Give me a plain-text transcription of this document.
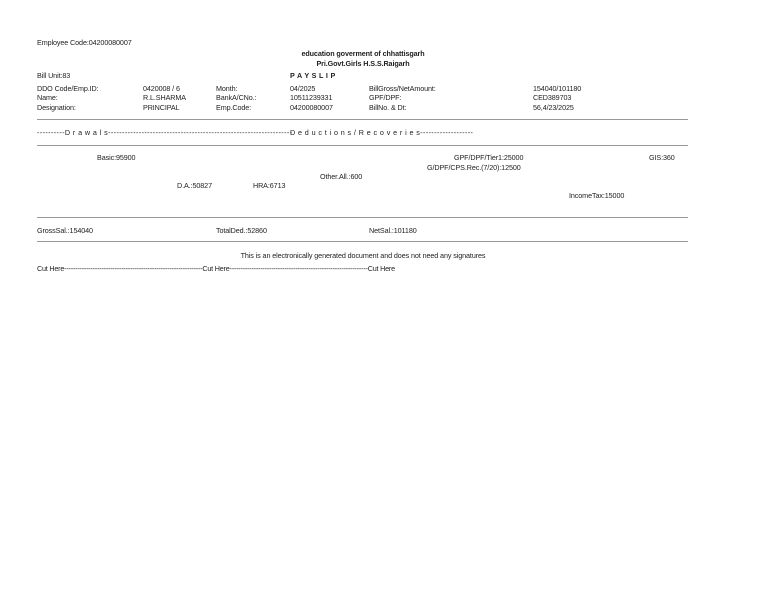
Employee Code:04200080007
education goverment of chhattisgarh
Pri.Govt.Girls H.S.S.Raigarh
P A Y S L I P
Bill Unit:83
DDO Code/Emp.ID:	0420008 / 6	Month:	04/2025	BillGross/NetAmount:	154040/101180
Name:	R.L.SHARMA	BankA/CNo.:	10511239331	GPF/DPF:	CED389703
Designation:	PRINCIPAL	Emp.Code:	04200080007	BillNo. & Dt:	56,4/23/2025
----------D r a w a l s------------------------------------------------------------------
D e d u c t i o n s / R e c o v e r i e s-------------------
Basic:95900	GPF/DPF/Tier1:25000	GIS:360
G/DPF/CPS.Rec.(7/20):12500
Other.All.:600
D.A.:50827	HRA:6713
IncomeTax:15000
GrossSal.:154040	TotalDed.:52860	NetSal.:101180
This is an electronically generated document and does not need any signatures
Cut Here---------------------------------------------------------------Cut Here---------------------------------------------------------------Cut Here
